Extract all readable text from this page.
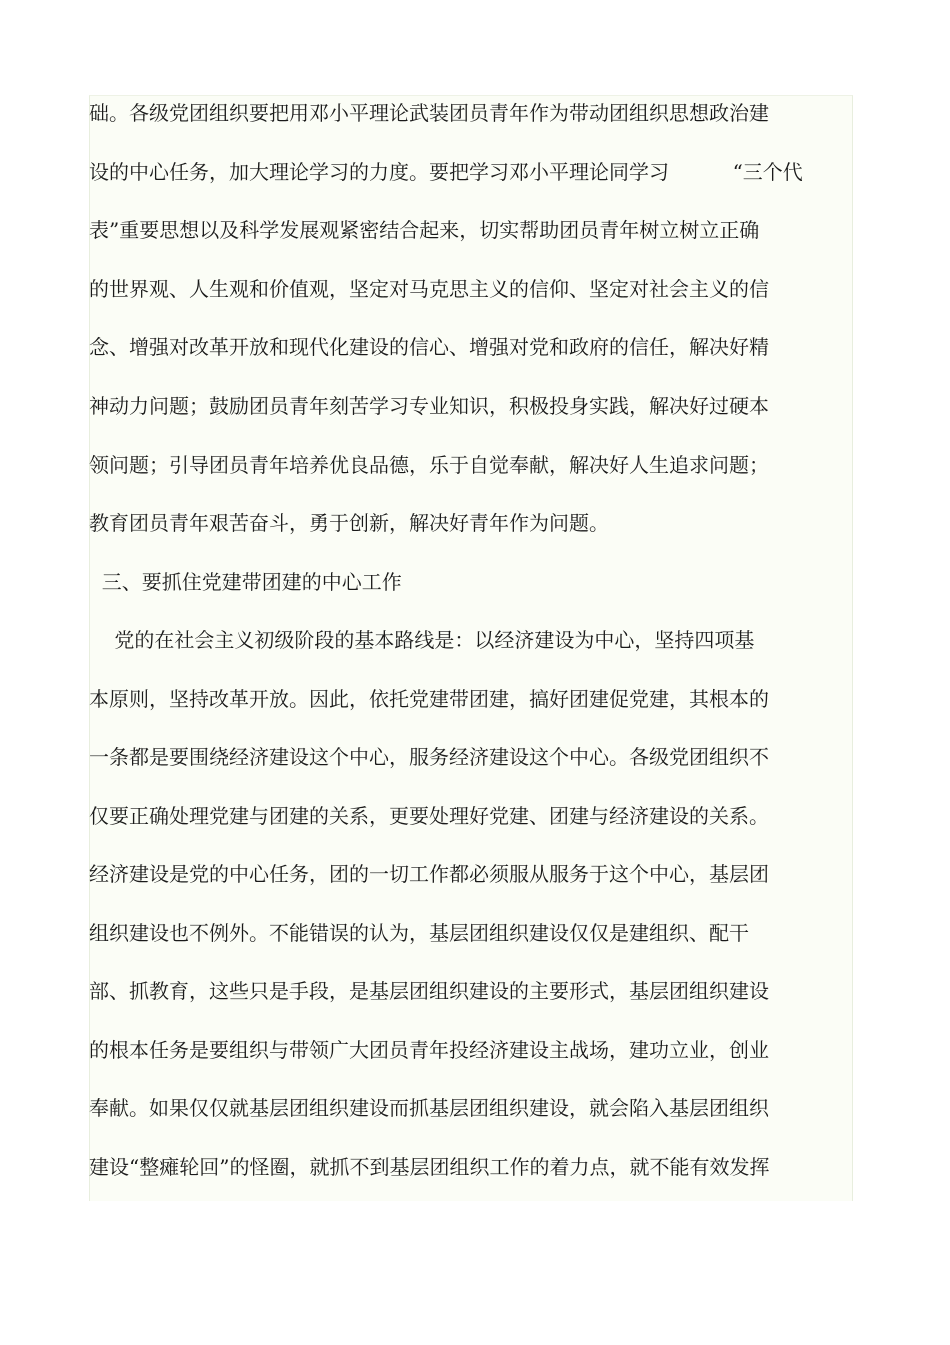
础。各级党团组织要把用邓小平理论武装团员青年作为带动团组织思想政治建
设的中心任务，加大理论学习的力度。要把学习邓小平理论同学习          “三个代
表”重要思想以及科学发展观紧密结合起来，切实帮助团员青年树立树立正确
的世界观、人生观和价值观，坚定对马克思主义的信仰、坚定对社会主义的信
念、增强对改革开放和现代化建设的信心、增强对党和政府的信任，解决好精
神动力问题；鼓励团员青年刻苦学习专业知识，积极投身实践，解决好过硬本
领问题；引导团员青年培养优良品德，乐于自觉奉献，解决好人生追求问题；
教育团员青年艰苦奋斗，勇于创新，解决好青年作为问题。
三、要抓住党建带团建的中心工作
党的在社会主义初级阶段的基本路线是：以经济建设为中心，坚持四项基
本原则，坚持改革开放。因此，依托党建带团建，搞好团建促党建，其根本的
一条都是要围绕经济建设这个中心，服务经济建设这个中心。各级党团组织不
仅要正确处理党建与团建的关系，更要处理好党建、团建与经济建设的关系。
经济建设是党的中心任务，团的一切工作都必须服从服务于这个中心，基层团
组织建设也不例外。不能错误的认为，基层团组织建设仅仅是建组织、配干
部、抓教育，这些只是手段，是基层团组织建设的主要形式，基层团组织建设
的根本任务是要组织与带领广大团员青年投经济建设主战场，建功立业，创业
奉献。如果仅仅就基层团组织建设而抓基层团组织建设，就会陷入基层团组织
建设“整瘫轮回”的怪圈，就抓不到基层团组织工作的着力点，就不能有效发挥
